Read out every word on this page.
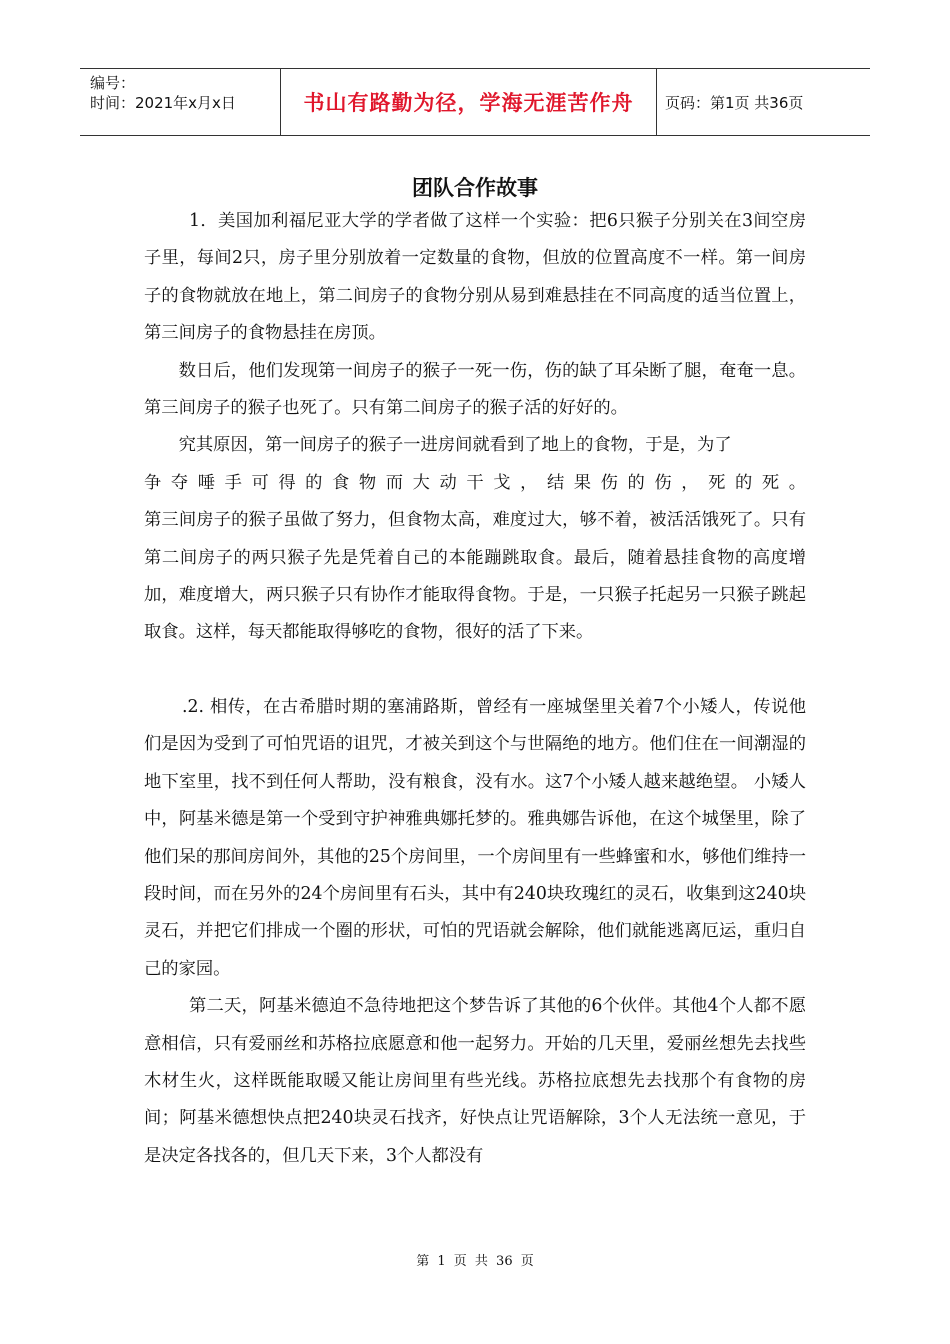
编号：
时间：2021年x月x日	书山有路勤为径，学海无涯苦作舟 页码：第1页 共36页
团队合作故事

1．美国加利福尼亚大学的学者做了这样一个实验：把6只猴子分别关在3间空房子里，每间2只，房子里分别放着一定数量的食物，但放的位置高度不一样。第一间房子的食物就放在地上，第二间房子的食物分别从易到难悬挂在不同高度的适当位置上，第三间房子的食物悬挂在房顶。

数日后，他们发现第一间房子的猴子一死一伤，伤的缺了耳朵断了腿，奄奄一息。第三间房子的猴子也死了。只有第二间房子的猴子活的好好的。

究其原因，第一间房子的猴子一进房间就看到了地上的食物，于是，为了

争夺唾手可得的食物而大动干戈，结果伤的伤，死的死。

第三间房子的猴子虽做了努力，但食物太高，难度过大，够不着，被活活饿死了。只有第二间房子的两只猴子先是凭着自己的本能蹦跳取食。最后，随着悬挂食物的高度增加，难度增大，两只猴子只有协作才能取得食物。于是，一只猴子托起另一只猴子跳起取食。这样，每天都能取得够吃的食物，很好的活了下来。

.2. 相传，在古希腊时期的塞浦路斯，曾经有一座城堡里关着7个小矮人，传说他们是因为受到了可怕咒语的诅咒，才被关到这个与世隔绝的地方。他们住在一间潮湿的地下室里，找不到任何人帮助，没有粮食，没有水。这7个小矮人越来越绝望。 小矮人中，阿基米德是第一个受到守护神雅典娜托梦的。雅典娜告诉他，在这个城堡里，除了他们呆的那间房间外，其他的25个房间里，一个房间里有一些蜂蜜和水，够他们维持一段时间，而在另外的24个房间里有石头，其中有240块玫瑰红的灵石，收集到这240块灵石，并把它们排成一个圈的形状，可怕的咒语就会解除，他们就能逃离厄运，重归自己的家园。

第二天，阿基米德迫不急待地把这个梦告诉了其他的6个伙伴。其他4个人都不愿意相信，只有爱丽丝和苏格拉底愿意和他一起努力。开始的几天里，爱丽丝想先去找些木材生火，这样既能取暖又能让房间里有些光线。苏格拉底想先去找那个有食物的房间；阿基米德想快点把240块灵石找齐，好快点让咒语解除，3个人无法统一意见，于是决定各找各的，但几天下来，3个人都没有

第 1 页 共 36 页
